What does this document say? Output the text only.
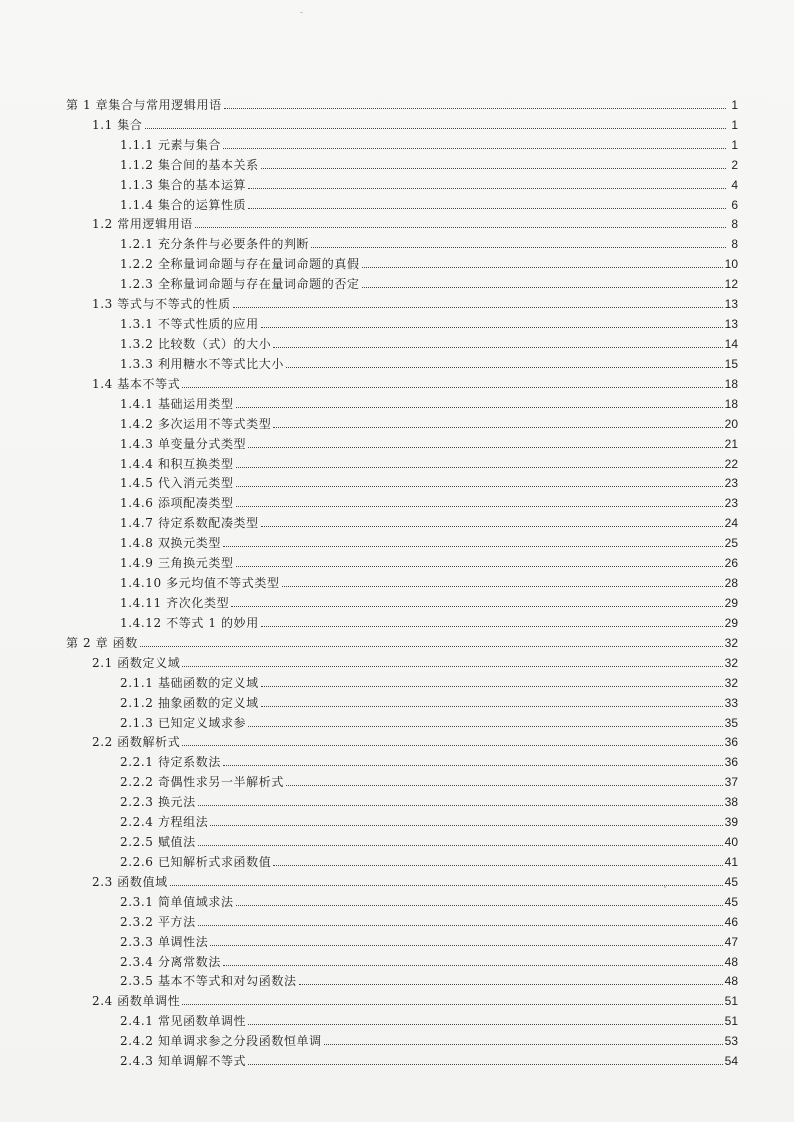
第 1 章集合与常用逻辑用语	1
1.1 集合	1
1.1.1 元素与集合	1
1.1.2 集合间的基本关系	2
1.1.3 集合的基本运算	4
1.1.4 集合的运算性质	6
1.2 常用逻辑用语	8
1.2.1 充分条件与必要条件的判断	8
1.2.2 全称量词命题与存在量词命题的真假	10
1.2.3 全称量词命题与存在量词命题的否定	12
1.3 等式与不等式的性质	13
1.3.1 不等式性质的应用	13
1.3.2 比较数（式）的大小	14
1.3.3 利用糖水不等式比大小	15
1.4 基本不等式	18
1.4.1 基础运用类型	18
1.4.2 多次运用不等式类型	20
1.4.3 单变量分式类型	21
1.4.4 和积互换类型	22
1.4.5 代入消元类型	23
1.4.6 添项配凑类型	23
1.4.7 待定系数配凑类型	24
1.4.8 双换元类型	25
1.4.9 三角换元类型	26
1.4.10 多元均值不等式类型	28
1.4.11 齐次化类型	29
1.4.12 不等式 1 的妙用	29
第 2 章 函数	32
2.1 函数定义域	32
2.1.1 基础函数的定义域	32
2.1.2 抽象函数的定义域	33
2.1.3 已知定义域求参	35
2.2 函数解析式	36
2.2.1 待定系数法	36
2.2.2 奇偶性求另一半解析式	37
2.2.3 换元法	38
2.2.4 方程组法	39
2.2.5 赋值法	40
2.2.6 已知解析式求函数值	41
2.3 函数值域	45
2.3.1 简单值域求法	45
2.3.2 平方法	46
2.3.3 单调性法	47
2.3.4 分离常数法	48
2.3.5 基本不等式和对勾函数法	48
2.4 函数单调性	51
2.4.1 常见函数单调性	51
2.4.2 知单调求参之分段函数恒单调	53
2.4.3 知单调解不等式	54
